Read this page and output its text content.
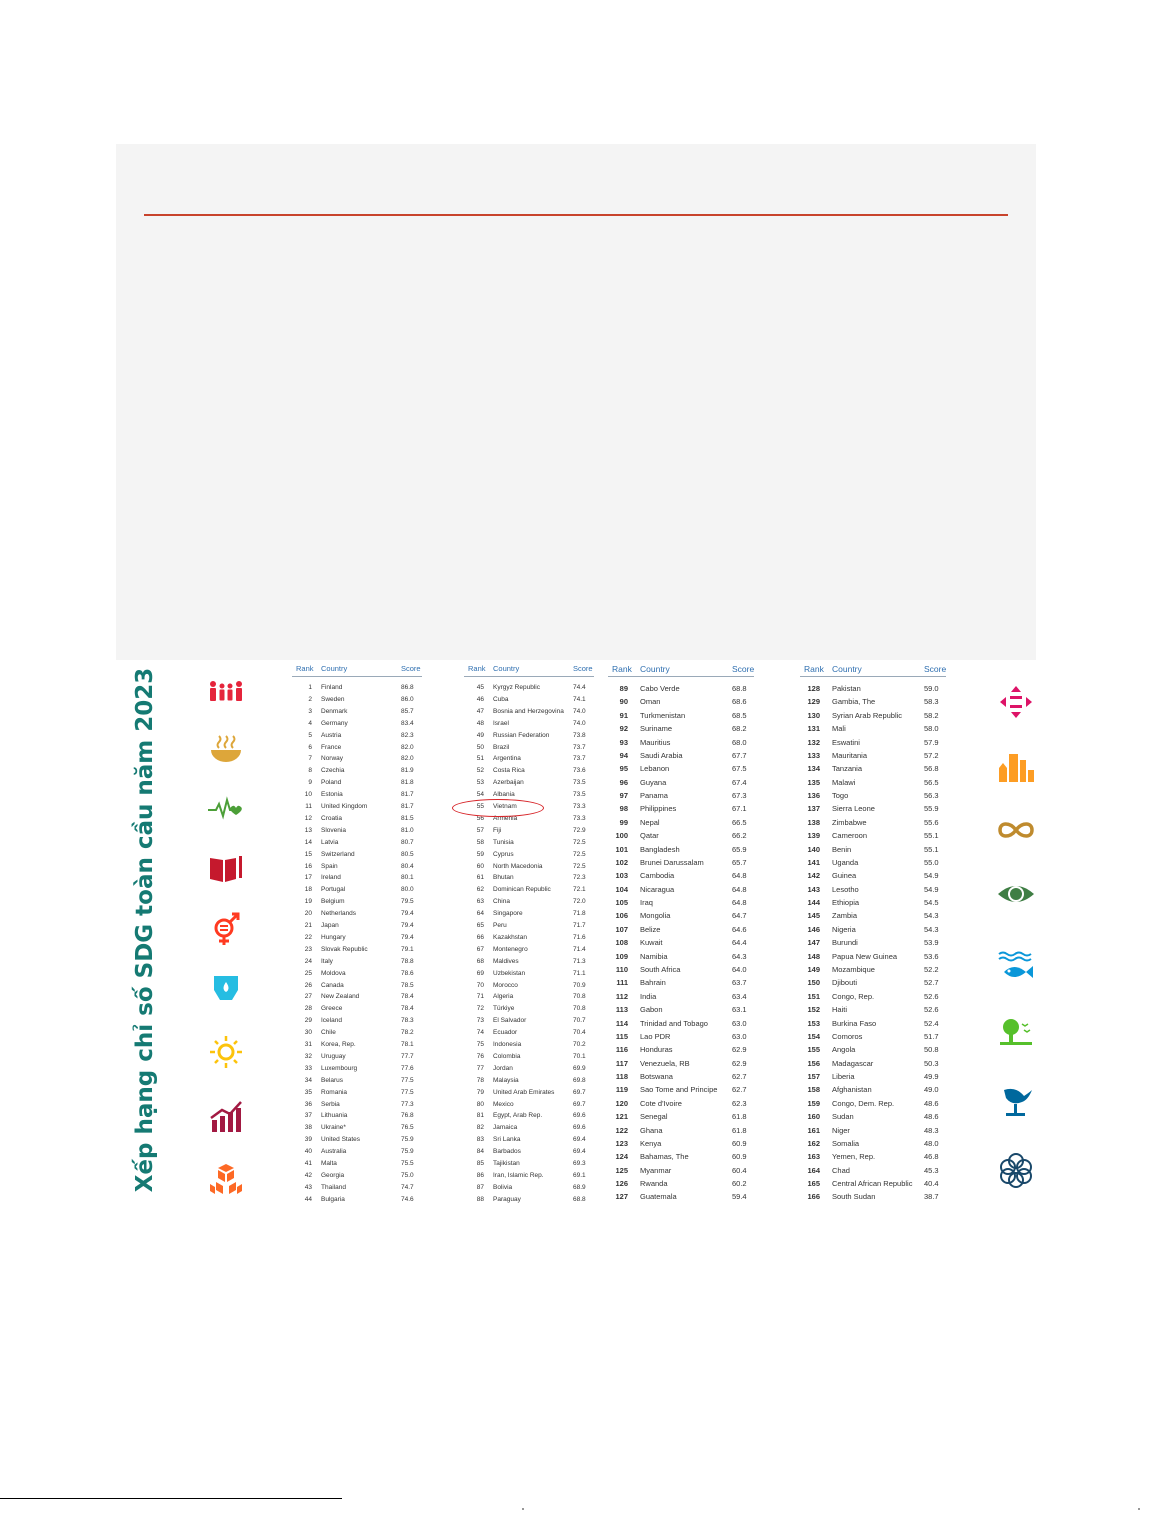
Xếp hạng chỉ số SDG toàn cầu năm 2023	Rank Country	Score
1 Finland	86.8
2 Sweden	86.0
3 Denmark	85.7
4 Germany	83.4
5 Austria	82.3
6 France	82.0
7 Norway	82.0
8 Czechia	81.9
9 Poland	81.8
10 Estonia	81.7
11 United Kingdom	81.7
12 Croatia	81.5
13 Slovenia	81.0
14 Latvia	80.7
15 Switzerland	80.5
16 Spain	80.4
17 Ireland	80.1
18 Portugal	80.0
19 Belgium	79.5
20 Netherlands	79.4
21 Japan	79.4
22 Hungary	79.4
23 Slovak Republic	79.1
24 Italy	78.8
25 Moldova	78.6
26 Canada	78.5
27 New Zealand	78.4
28 Greece	78.4
29 Iceland	78.3
30 Chile	78.2
31 Korea, Rep.	78.1
32 Uruguay	77.7
33 Luxembourg	77.6
34 Belarus	77.5
35 Romania	77.5
36 Serbia	77.3
37 Lithuania	76.8
38 Ukraine*	76.5
39 United States	75.9
40 Australia	75.9
41 Malta	75.5
42 Georgia	75.0
43 Thailand	74.7
44 Bulgaria	74.6
Rank Country	Score
45 Kyrgyz Republic	74.4
46 Cuba	74.1
47 Bosnia and Herzegovina 74.0
48 Israel	74.0
49 Russian Federation	73.8
50 Brazil	73.7
51 Argentina	73.7
52 Costa Rica	73.6
53 Azerbaijan	73.5
54 Albania	73.5
55 Vietnam	73.3
56 Armenia	73.3
57 Fiji	72.9
58 Tunisia	72.5
59 Cyprus	72.5
60 North Macedonia	72.5
61 Bhutan	72.3
62 Dominican Republic	72.1
63 China	72.0
64 Singapore	71.8
65 Peru	71.7
66 Kazakhstan	71.6
67 Montenegro	71.4
68 Maldives	71.3
69 Uzbekistan	71.1
70 Morocco	70.9
71 Algeria	70.8
72 Türkiye	70.8
73 El Salvador	70.7
74 Ecuador	70.4
75 Indonesia	70.2
76 Colombia	70.1
77 Jordan	69.9
78 Malaysia	69.8
79 United Arab Emirates	69.7
80 Mexico	69.7
81 Egypt, Arab Rep.	69.6
82 Jamaica	69.6
83 Sri Lanka	69.4
84 Barbados	69.4
85 Tajikistan	69.3
86 Iran, Islamic Rep.	69.1
87 Bolivia	68.9
88 Paraguay	68.8
Rank Country	Score
89 Cabo Verde	68.8
90 Oman	68.6
91 Turkmenistan	68.5
92 Suriname	68.2
93 Mauritius	68.0
94 Saudi Arabia	67.7
95 Lebanon	67.5
96 Guyana	67.4
97 Panama	67.3
98 Philippines	67.1
99 Nepal	66.5
100 Qatar	66.2
101 Bangladesh	65.9
102 Brunei Darussalam	65.7
103 Cambodia	64.8
104 Nicaragua	64.8
105 Iraq	64.8
106 Mongolia	64.7
107 Belize	64.6
108 Kuwait	64.4
109 Namibia	64.3
110 South Africa	64.0
111 Bahrain	63.7
112 India	63.4
113 Gabon	63.1
114 Trinidad and Tobago	63.0
115 Lao PDR	63.0
116 Honduras	62.9
117 Venezuela, RB	62.9
118 Botswana	62.7
119 Sao Tome and Principe 62.7
120 Cote d'Ivoire	62.3
121 Senegal	61.8
122 Ghana	61.8
123 Kenya	60.9
124 Bahamas, The	60.9
125 Myanmar	60.4
126 Rwanda	60.2
127 Guatemala	59.4
Rank Country	Score
128 Pakistan	59.0
129 Gambia, The	58.3
130 Syrian Arab Republic	58.2
131 Mali	58.0
132 Eswatini	57.9
133 Mauritania	57.2
134 Tanzania	56.8
135 Malawi	56.5
136 Togo	56.3
137 Sierra Leone	55.9
138 Zimbabwe	55.6
139 Cameroon	55.1
140 Benin	55.1
141 Uganda	55.0
142 Guinea	54.9
143 Lesotho	54.9
144 Ethiopia	54.5
145 Zambia	54.3
146 Nigeria	54.3
147 Burundi	53.9
148 Papua New Guinea	53.6
149 Mozambique	52.2
150 Djibouti	52.7
151 Congo, Rep.	52.6
152 Haiti	52.6
153 Burkina Faso	52.4
154 Comoros	51.7
155 Angola	50.8
156 Madagascar	50.3
157 Liberia	49.9
158 Afghanistan	49.0
159 Congo, Dem. Rep.	48.6
160 Sudan	48.6
161 Niger	48.3
162 Somalia	48.0
163 Yemen, Rep.	46.8
164 Chad	45.3
165 Central African Republic 40.4
166 South Sudan	38.7
